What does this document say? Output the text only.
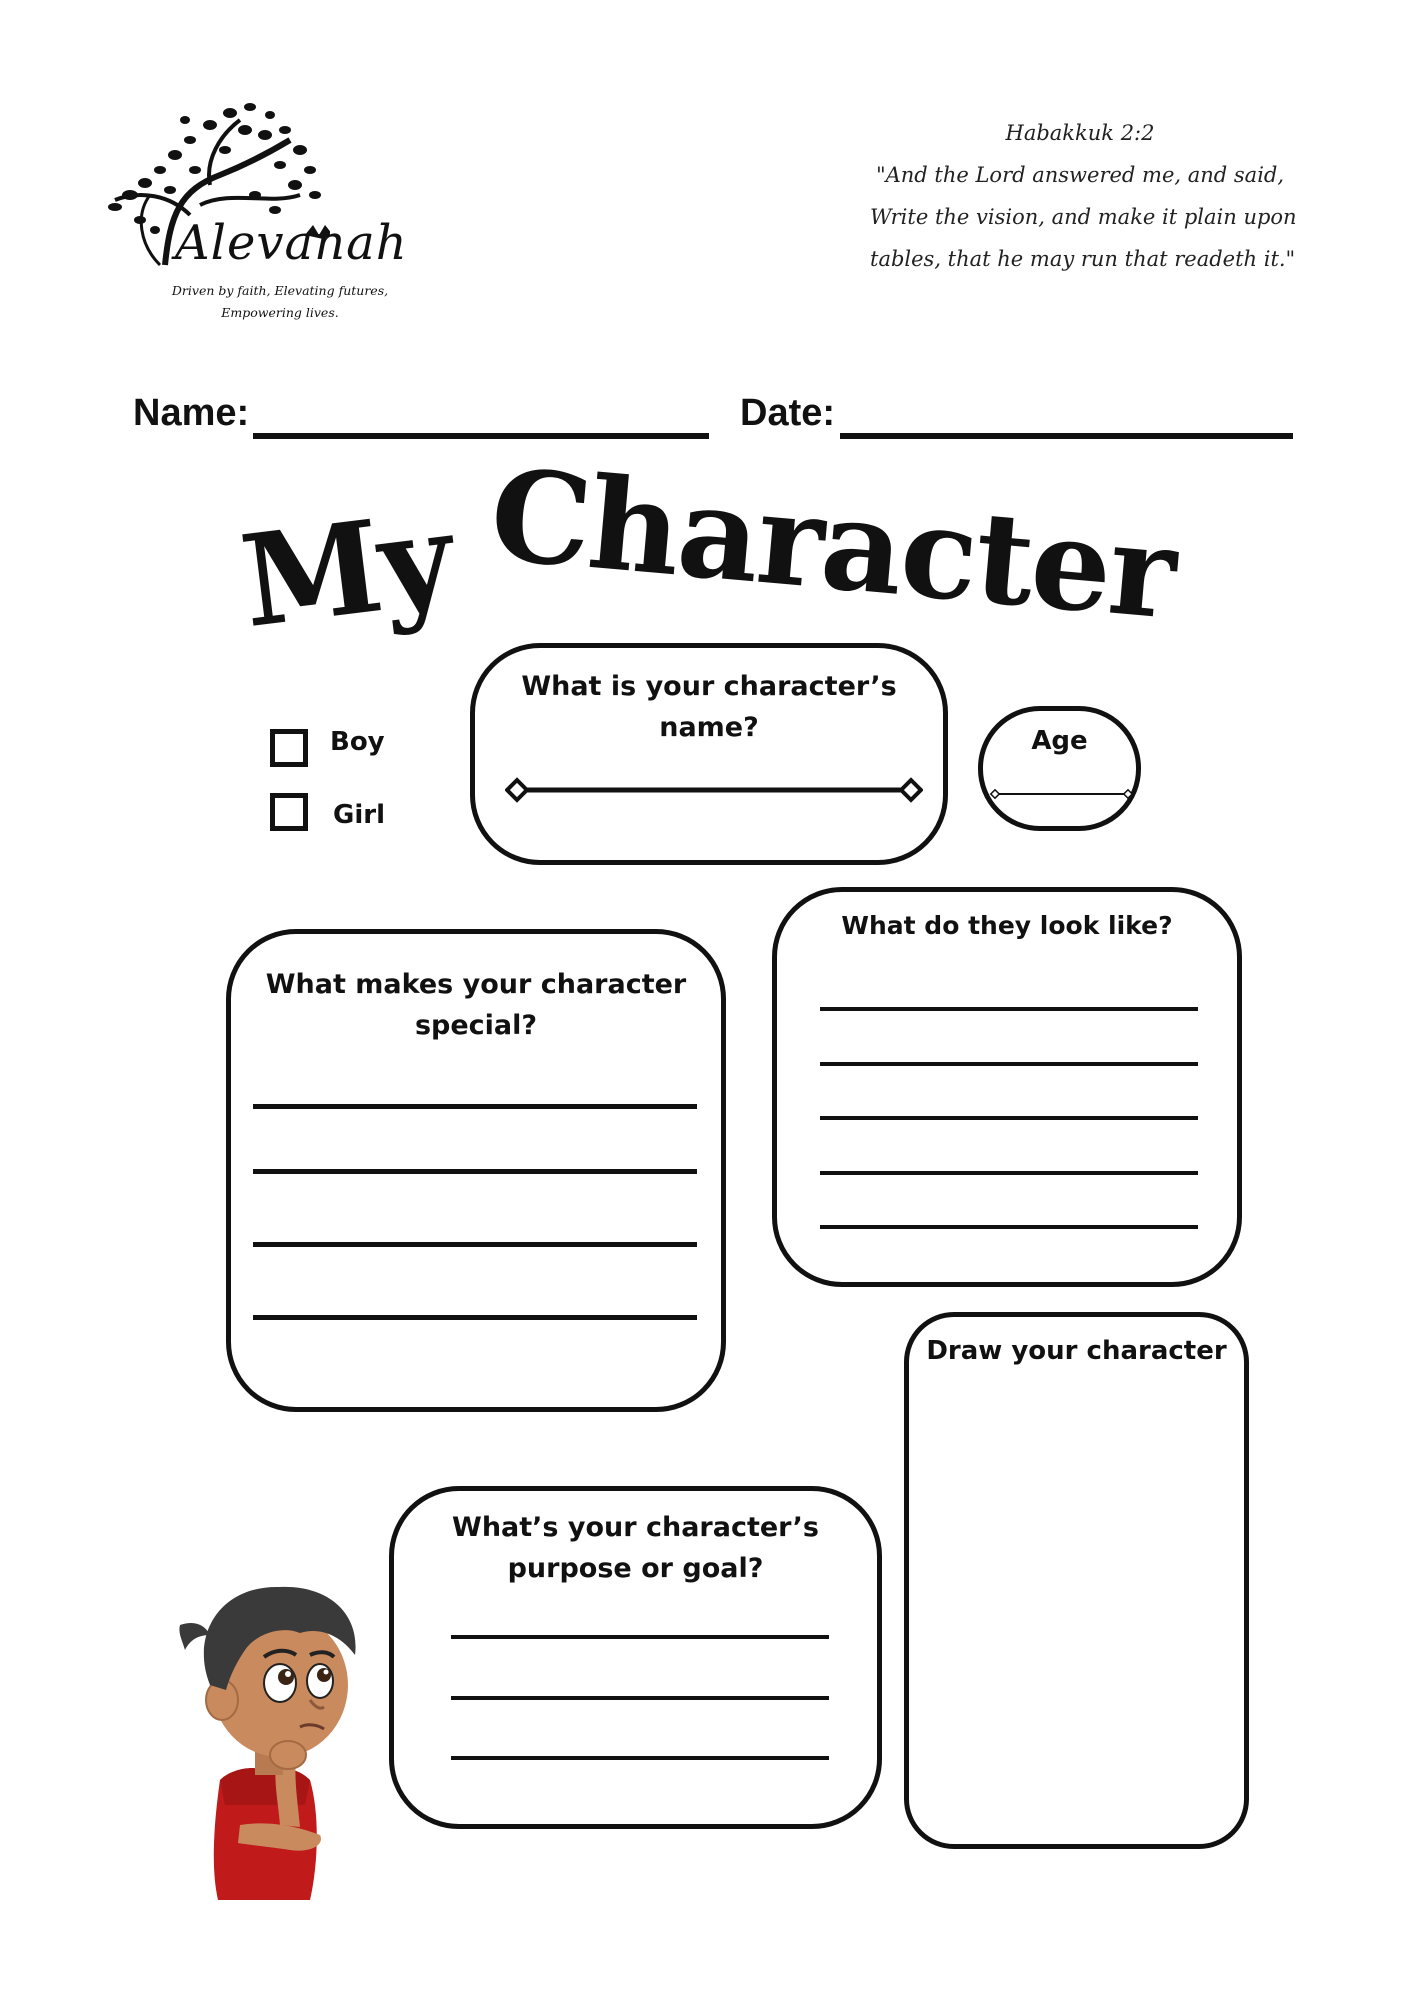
Alevanah
Driven by faith, Elevating futures,
Empowering lives.
Habakkuk 2:2
"And the Lord answered me, and said,
Write the vision, and make it plain upon
tables, that he may run that readeth it."
Name:	Date:
My Character
Boy
Girl
What is your character’s name?	Age
What makes your character
special?
What do they look like?
Draw your character
What’s your character’s
purpose or goal?
